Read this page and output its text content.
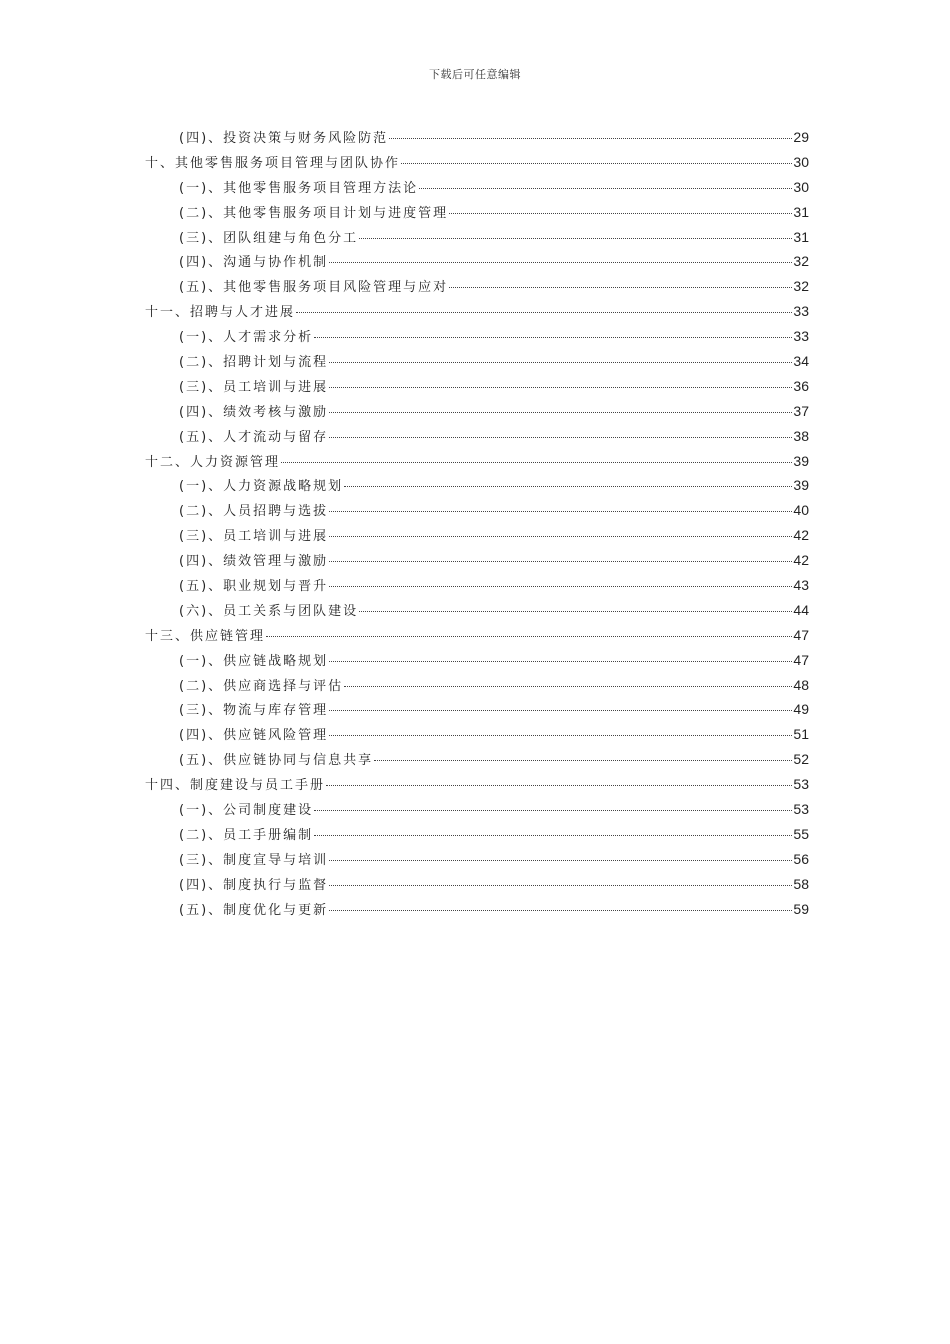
下载后可任意编辑
(四)、投资决策与财务风险防范	29
十、其他零售服务项目管理与团队协作	30
(一)、其他零售服务项目管理方法论	30
(二)、其他零售服务项目计划与进度管理	31
(三)、团队组建与角色分工	31
(四)、沟通与协作机制	32
(五)、其他零售服务项目风险管理与应对	32
十一、招聘与人才进展	33
(一)、人才需求分析	33
(二)、招聘计划与流程	34
(三)、员工培训与进展	36
(四)、绩效考核与激励	37
(五)、人才流动与留存	38
十二、人力资源管理	39
(一)、人力资源战略规划	39
(二)、人员招聘与选拔	40
(三)、员工培训与进展	42
(四)、绩效管理与激励	42
(五)、职业规划与晋升	43
(六)、员工关系与团队建设	44
十三、供应链管理	47
(一)、供应链战略规划	47
(二)、供应商选择与评估	48
(三)、物流与库存管理	49
(四)、供应链风险管理	51
(五)、供应链协同与信息共享	52
十四、制度建设与员工手册	53
(一)、公司制度建设	53
(二)、员工手册编制	55
(三)、制度宣导与培训	56
(四)、制度执行与监督	58
(五)、制度优化与更新	59
